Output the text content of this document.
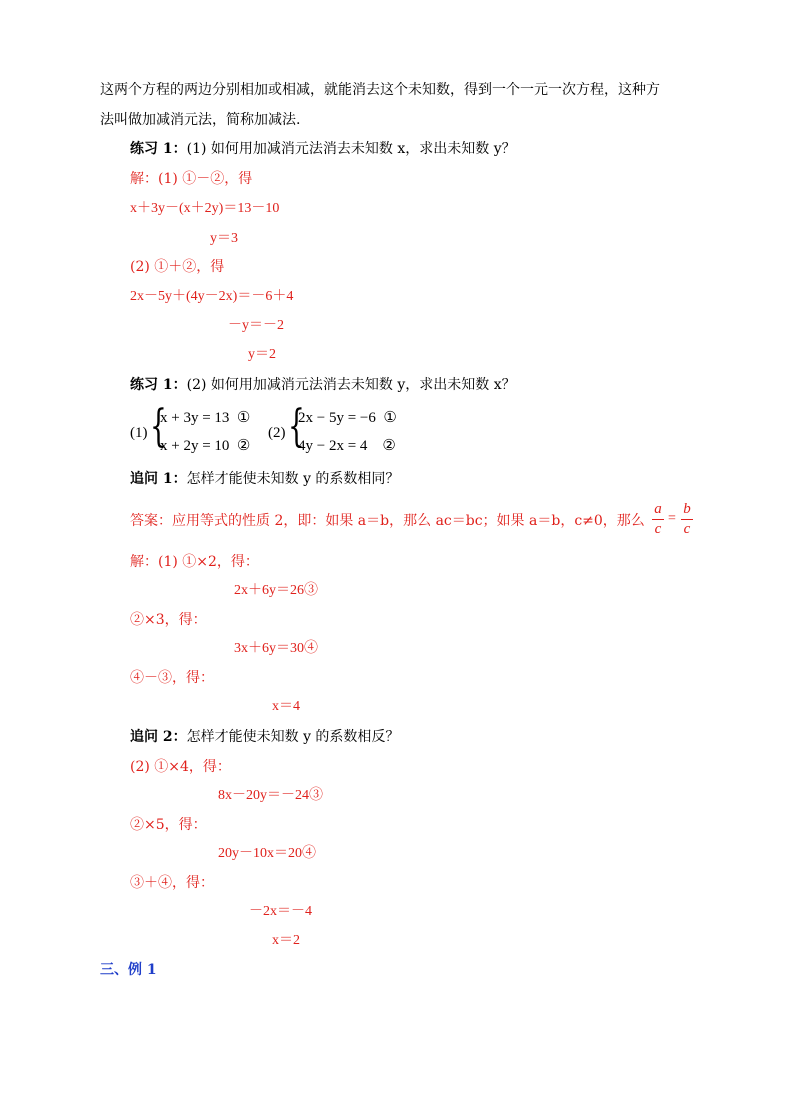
这两个方程的两边分别相加或相减，就能消去这个未知数，得到一个一元一次方程，这种方
法叫做加减消元法，简称加减法.
练习 1：(1) 如何用加减消元法消去未知数 x，求出未知数 y？
解：(1) ①－②，得
x＋3y－(x＋2y)＝13－10
y＝3
(2) ①＋②，得
2x－5y＋(4y－2x)＝－6＋4
－y＝－2
y＝2
练习 1：(2) 如何用加减消元法消去未知数 y，求出未知数 x？
(1) {
x + 3y = 13  ①
x + 2y = 10  ②
(2) {
2x − 5y = −6  ①
4y − 2x = 4    ②
追问 1：怎样才能使未知数 y 的系数相同？
答案：应用等式的性质 2，即：如果 a＝b，那么 ac＝bc；如果 a＝b，c≠0，那么
a
c
=
b
c
解：(1) ①×2，得：
2x＋6y＝26③
②×3，得：
3x＋6y＝30④
④－③，得：
x＝4
追问 2：怎样才能使未知数 y 的系数相反？
(2) ①×4，得：
8x－20y＝－24③
②×5，得：
20y－10x＝20④
③＋④，得：
－2x＝－4
x＝2
三、例 1
